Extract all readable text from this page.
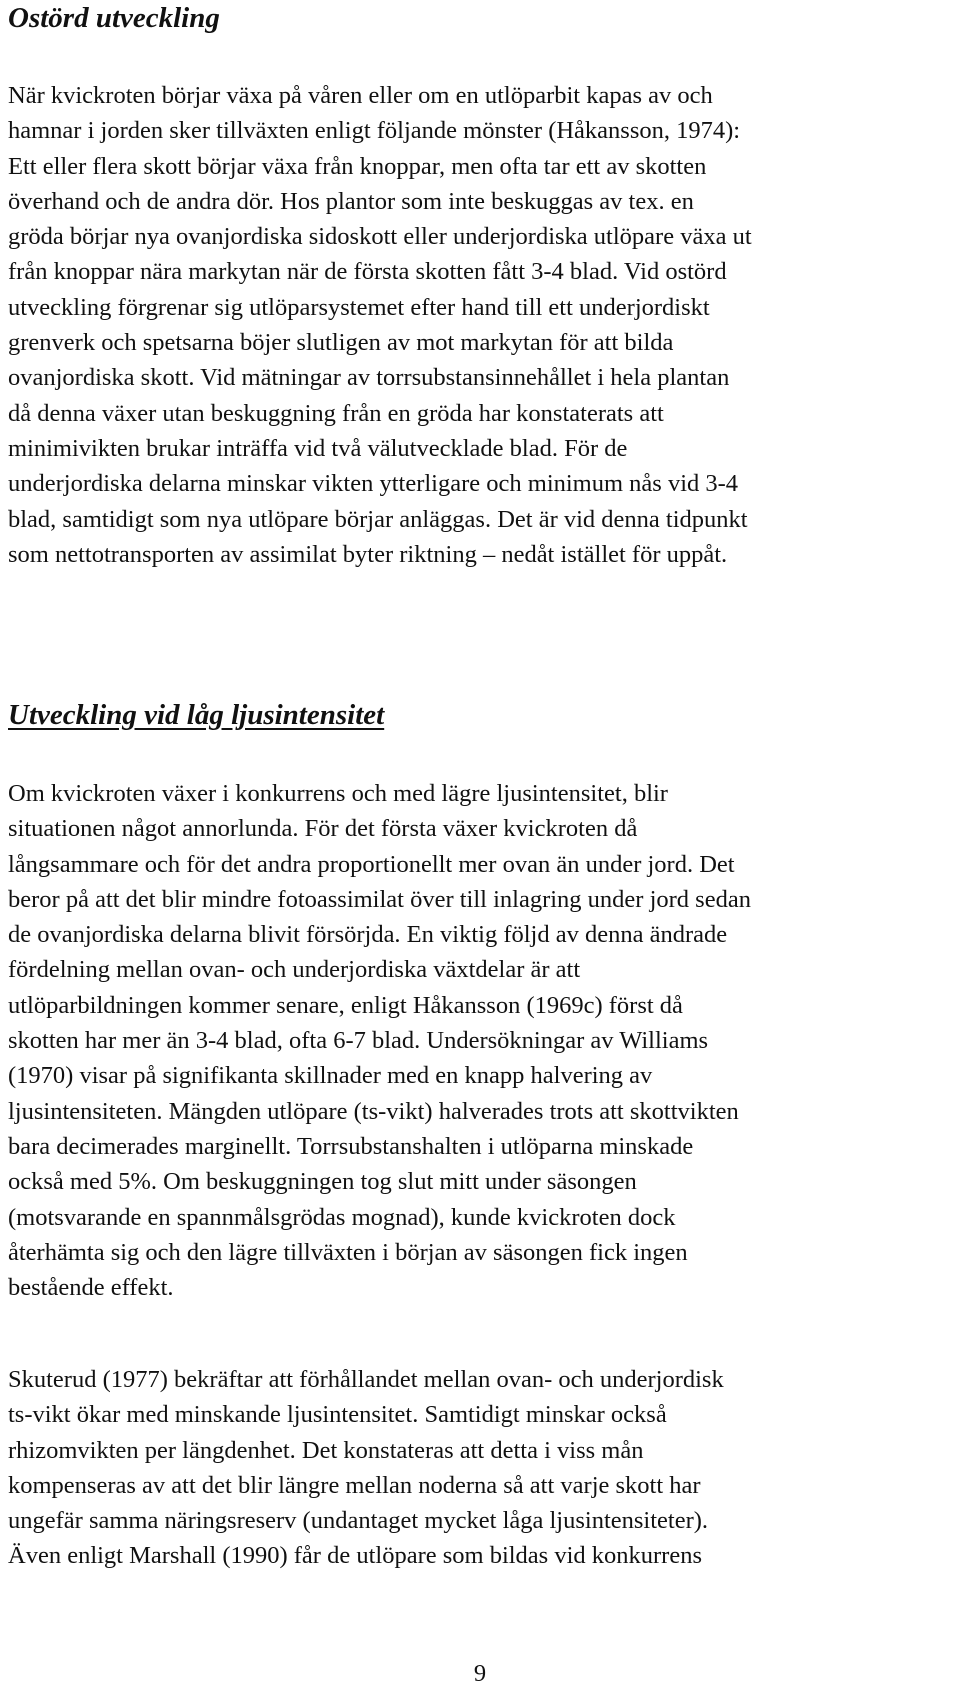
Ostörd utveckling

När kvickroten börjar växa på våren eller om en utlöparbit kapas av och
hamnar i jorden sker tillväxten enligt följande mönster (Håkansson, 1974):
Ett eller flera skott börjar växa från knoppar, men ofta tar ett av skotten
överhand och de andra dör. Hos plantor som inte beskuggas av tex. en
gröda börjar nya ovanjordiska sidoskott eller underjordiska utlöpare växa ut
från knoppar nära markytan när de första skotten fått 3-4 blad. Vid ostörd
utveckling förgrenar sig utlöparsystemet efter hand till ett underjordiskt
grenverk och spetsarna böjer slutligen av mot markytan för att bilda
ovanjordiska skott. Vid mätningar av torrsubstansinnehållet i hela plantan
då denna växer utan beskuggning från en gröda har konstaterats att
minimivikten brukar inträffa vid två välutvecklade blad. För de
underjordiska delarna minskar vikten ytterligare och minimum nås vid 3-4
blad, samtidigt som nya utlöpare börjar anläggas. Det är vid denna tidpunkt
som nettotransporten av assimilat byter riktning – nedåt istället för uppåt.

Utveckling vid låg ljusintensitet

Om kvickroten växer i konkurrens och med lägre ljusintensitet, blir
situationen något annorlunda. För det första växer kvickroten då
långsammare och för det andra proportionellt mer ovan än under jord. Det
beror på att det blir mindre fotoassimilat över till inlagring under jord sedan
de ovanjordiska delarna blivit försörjda. En viktig följd av denna ändrade
fördelning mellan ovan- och underjordiska växtdelar är att
utlöparbildningen kommer senare, enligt Håkansson (1969c) först då
skotten har mer än 3-4 blad, ofta 6-7 blad. Undersökningar av Williams
(1970) visar på signifikanta skillnader med en knapp halvering av
ljusintensiteten. Mängden utlöpare (ts-vikt) halverades trots att skottvikten
bara decimerades marginellt. Torrsubstanshalten i utlöparna minskade
också med 5%. Om beskuggningen tog slut mitt under säsongen
(motsvarande en spannmålsgrödas mognad), kunde kvickroten dock
återhämta sig och den lägre tillväxten i början av säsongen fick ingen
bestående effekt.

Skuterud (1977) bekräftar att förhållandet mellan ovan- och underjordisk
ts-vikt ökar med minskande ljusintensitet. Samtidigt minskar också
rhizomvikten per längdenhet. Det konstateras att detta i viss mån
kompenseras av att det blir längre mellan noderna så att varje skott har
ungefär samma näringsreserv (undantaget mycket låga ljusintensiteter).
Även enligt Marshall (1990) får de utlöpare som bildas vid konkurrens

9
